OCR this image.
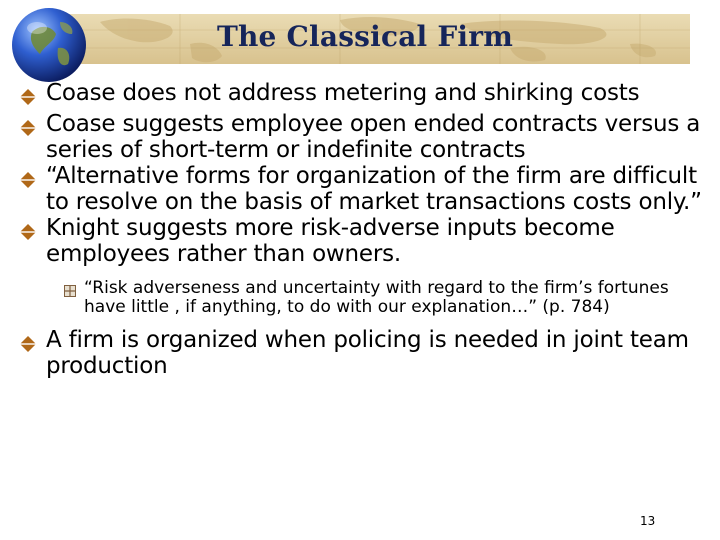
The Classical Firm
Coase does not address metering and shirking costs
Coase suggests employee open ended contracts versus a series of short-term or indefinite contracts
“Alternative forms for organization of the firm are difficult to resolve on the basis of market transactions costs only.”
Knight suggests more risk-adverse inputs become employees rather than owners.
“Risk adverseness and uncertainty with regard to the firm’s fortunes have little , if anything, to do with our explanation…” (p. 784)
A firm is organized when policing is needed in joint team production
13
